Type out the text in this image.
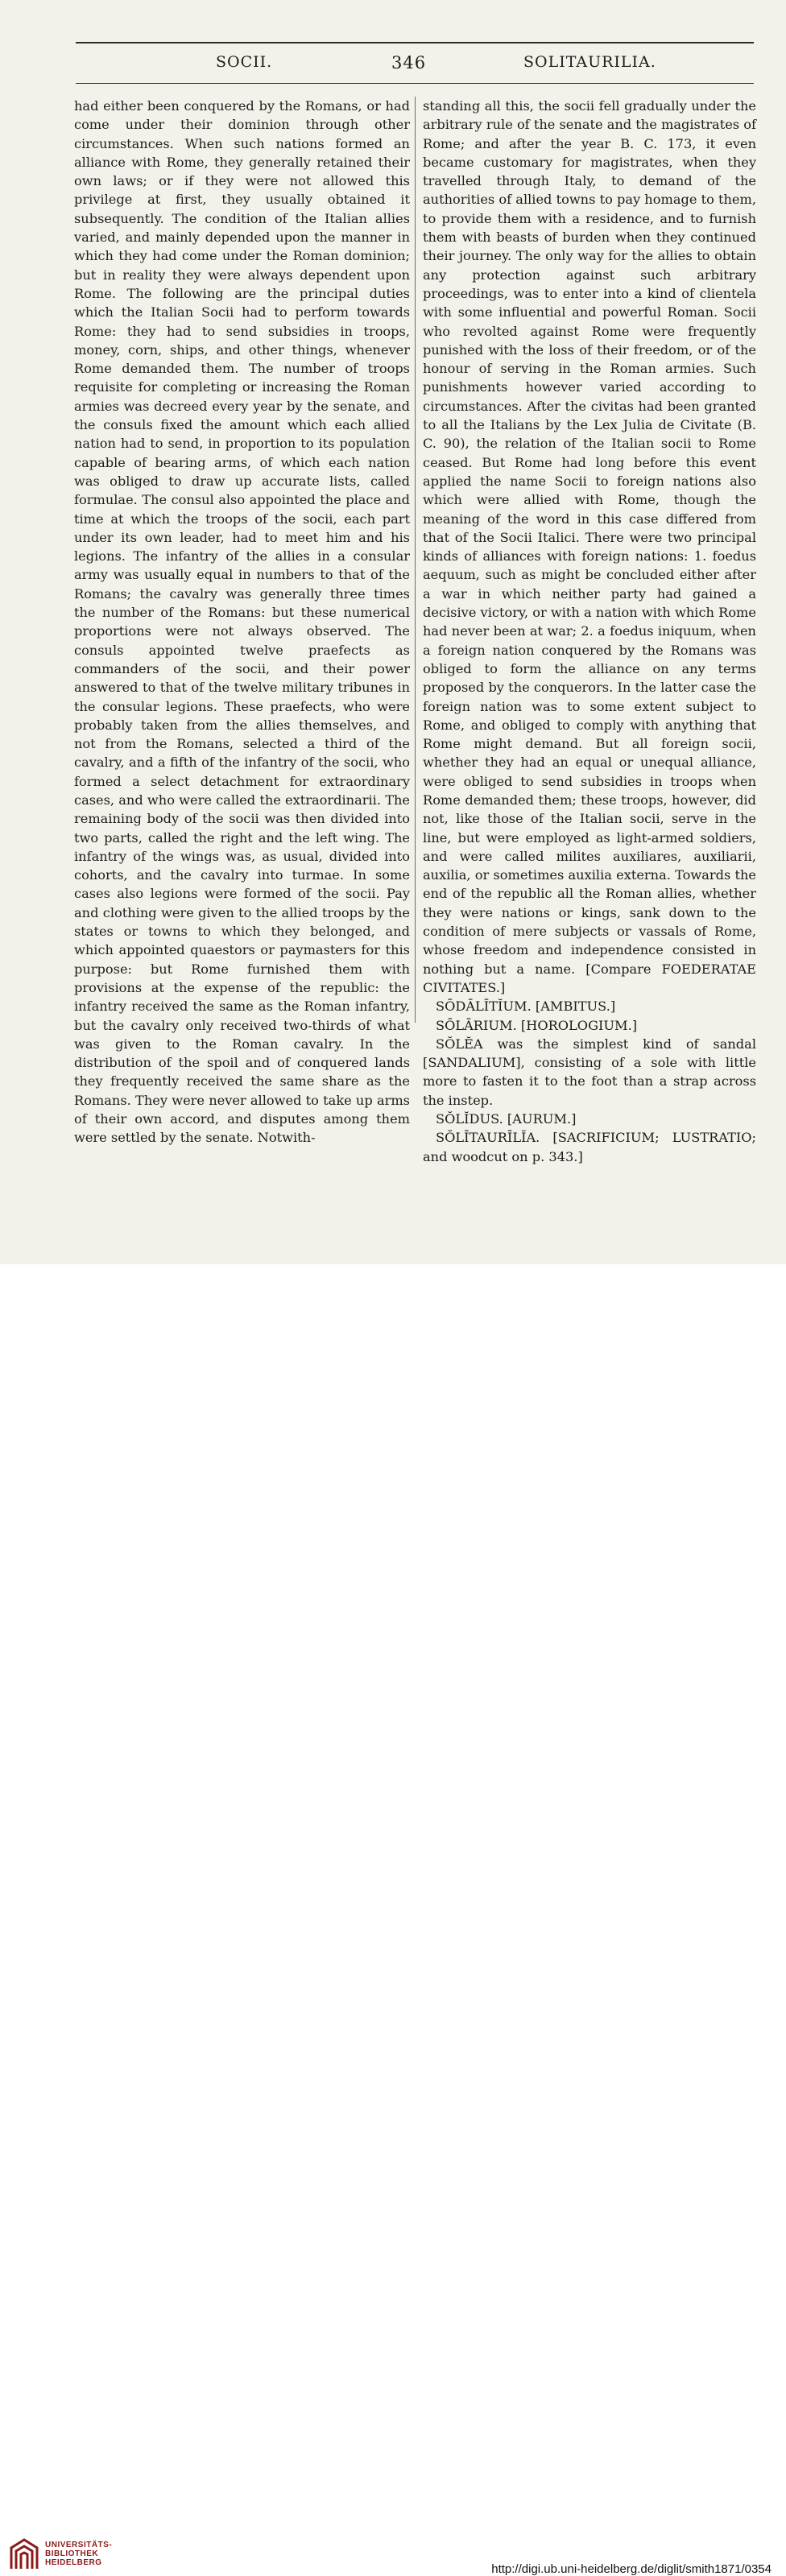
SOCII.	346	SOLITAURILIA.

had either been conquered by the Romans, or had come under their dominion through other circumstances. When such nations formed an alliance with Rome, they generally retained their own laws; or if they were not allowed this privilege at first, they usually obtained it subsequently. The condition of the Italian allies varied, and mainly depended upon the manner in which they had come under the Roman dominion; but in reality they were always dependent upon Rome. The following are the principal duties which the Italian Socii had to perform towards Rome: they had to send subsidies in troops, money, corn, ships, and other things, whenever Rome demanded them. The number of troops requisite for completing or increasing the Roman armies was decreed every year by the senate, and the consuls fixed the amount which each allied nation had to send, in proportion to its population capable of bearing arms, of which each nation was obliged to draw up accurate lists, called formulae. The consul also appointed the place and time at which the troops of the socii, each part under its own leader, had to meet him and his legions. The infantry of the allies in a consular army was usually equal in numbers to that of the Romans; the cavalry was generally three times the number of the Romans: but these numerical proportions were not always observed. The consuls appointed twelve praefects as commanders of the socii, and their power answered to that of the twelve military tribunes in the consular legions. These praefects, who were probably taken from the allies themselves, and not from the Romans, selected a third of the cavalry, and a fifth of the infantry of the socii, who formed a select detachment for extraordinary cases, and who were called the extraordinarii. The remaining body of the socii was then divided into two parts, called the right and the left wing. The infantry of the wings was, as usual, divided into cohorts, and the cavalry into turmae. In some cases also legions were formed of the socii. Pay and clothing were given to the allied troops by the states or towns to which they belonged, and which appointed quaestors or paymasters for this purpose: but Rome furnished them with provisions at the expense of the republic: the infantry received the same as the Roman infantry, but the cavalry only received two-thirds of what was given to the Roman cavalry. In the distribution of the spoil and of conquered lands they frequently received the same share as the Romans. They were never allowed to take up arms of their own accord, and disputes among them were settled by the senate. Notwith-

standing all this, the socii fell gradually under the arbitrary rule of the senate and the magistrates of Rome; and after the year B. C. 173, it even became customary for magistrates, when they travelled through Italy, to demand of the authorities of allied towns to pay homage to them, to provide them with a residence, and to furnish them with beasts of burden when they continued their journey. The only way for the allies to obtain any protection against such arbitrary proceedings, was to enter into a kind of clientela with some influential and powerful Roman. Socii who revolted against Rome were frequently punished with the loss of their freedom, or of the honour of serving in the Roman armies. Such punishments however varied according to circumstances. After the civitas had been granted to all the Italians by the Lex Julia de Civitate (B. C. 90), the relation of the Italian socii to Rome ceased. But Rome had long before this event applied the name Socii to foreign nations also which were allied with Rome, though the meaning of the word in this case differed from that of the Socii Italici. There were two principal kinds of alliances with foreign nations: 1. foedus aequum, such as might be concluded either after a war in which neither party had gained a decisive victory, or with a nation with which Rome had never been at war; 2. a foedus iniquum, when a foreign nation conquered by the Romans was obliged to form the alliance on any terms proposed by the conquerors. In the latter case the foreign nation was to some extent subject to Rome, and obliged to comply with anything that Rome might demand. But all foreign socii, whether they had an equal or unequal alliance, were obliged to send subsidies in troops when Rome demanded them; these troops, however, did not, like those of the Italian socii, serve in the line, but were employed as light-armed soldiers, and were called milites auxiliares, auxiliarii, auxilia, or sometimes auxilia externa. Towards the end of the republic all the Roman allies, whether they were nations or kings, sank down to the condition of mere subjects or vassals of Rome, whose freedom and independence consisted in nothing but a name. [Compare FOEDERATAE CIVITATES.]

SŌDĀLĪTĬUM. [AMBITUS.]

SŌLĀRIUM. [HOROLOGIUM.]

SŎLĔA was the simplest kind of sandal [SANDALIUM], consisting of a sole with little more to fasten it to the foot than a strap across the instep.

SŎLĬDUS. [AURUM.]

SŎLĪTAURĪLĬA. [SACRIFICIUM; LUSTRATIO; and woodcut on p. 343.]

UNIVERSITÄTS-
BIBLIOTHEK
HEIDELBERG	http://digi.ub.uni-heidelberg.de/diglit/smith1871/0354
